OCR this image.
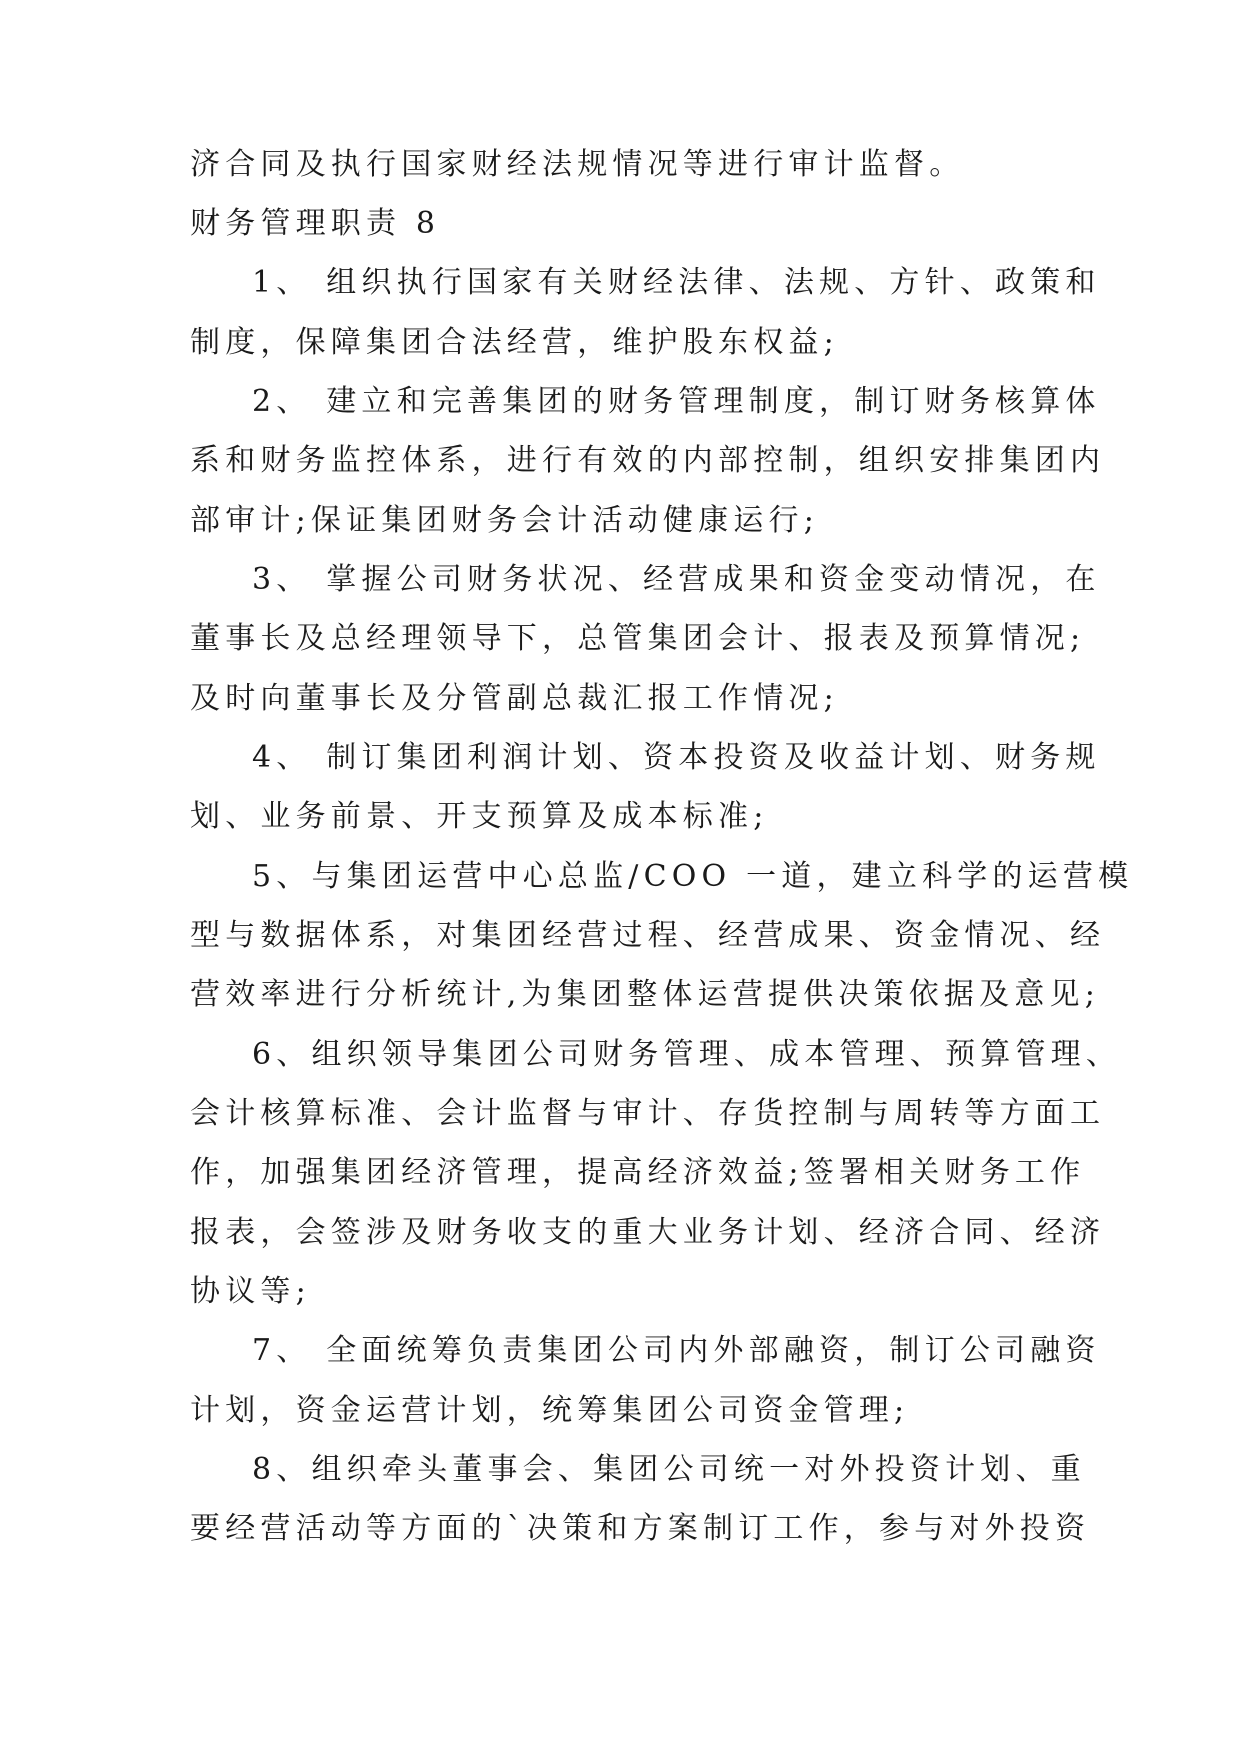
济合同及执行国家财经法规情况等进行审计监督。
财务管理职责 8
1、 组织执行国家有关财经法律、法规、方针、政策和
制度，保障集团合法经营，维护股东权益;
2、 建立和完善集团的财务管理制度，制订财务核算体
系和财务监控体系，进行有效的内部控制，组织安排集团内
部审计;保证集团财务会计活动健康运行;
3、 掌握公司财务状况、经营成果和资金变动情况，在
董事长及总经理领导下，总管集团会计、报表及预算情况;
及时向董事长及分管副总裁汇报工作情况;
4、 制订集团利润计划、资本投资及收益计划、财务规
划、业务前景、开支预算及成本标准;
5、与集团运营中心总监/COO 一道，建立科学的运营模
型与数据体系，对集团经营过程、经营成果、资金情况、经
营效率进行分析统计,为集团整体运营提供决策依据及意见;
6、组织领导集团公司财务管理、成本管理、预算管理、
会计核算标准、会计监督与审计、存货控制与周转等方面工
作，加强集团经济管理，提高经济效益;签署相关财务工作
报表，会签涉及财务收支的重大业务计划、经济合同、经济
协议等;
7、 全面统筹负责集团公司内外部融资，制订公司融资
计划，资金运营计划，统筹集团公司资金管理;
8、组织牵头董事会、集团公司统一对外投资计划、重
要经营活动等方面的`决策和方案制订工作，参与对外投资
